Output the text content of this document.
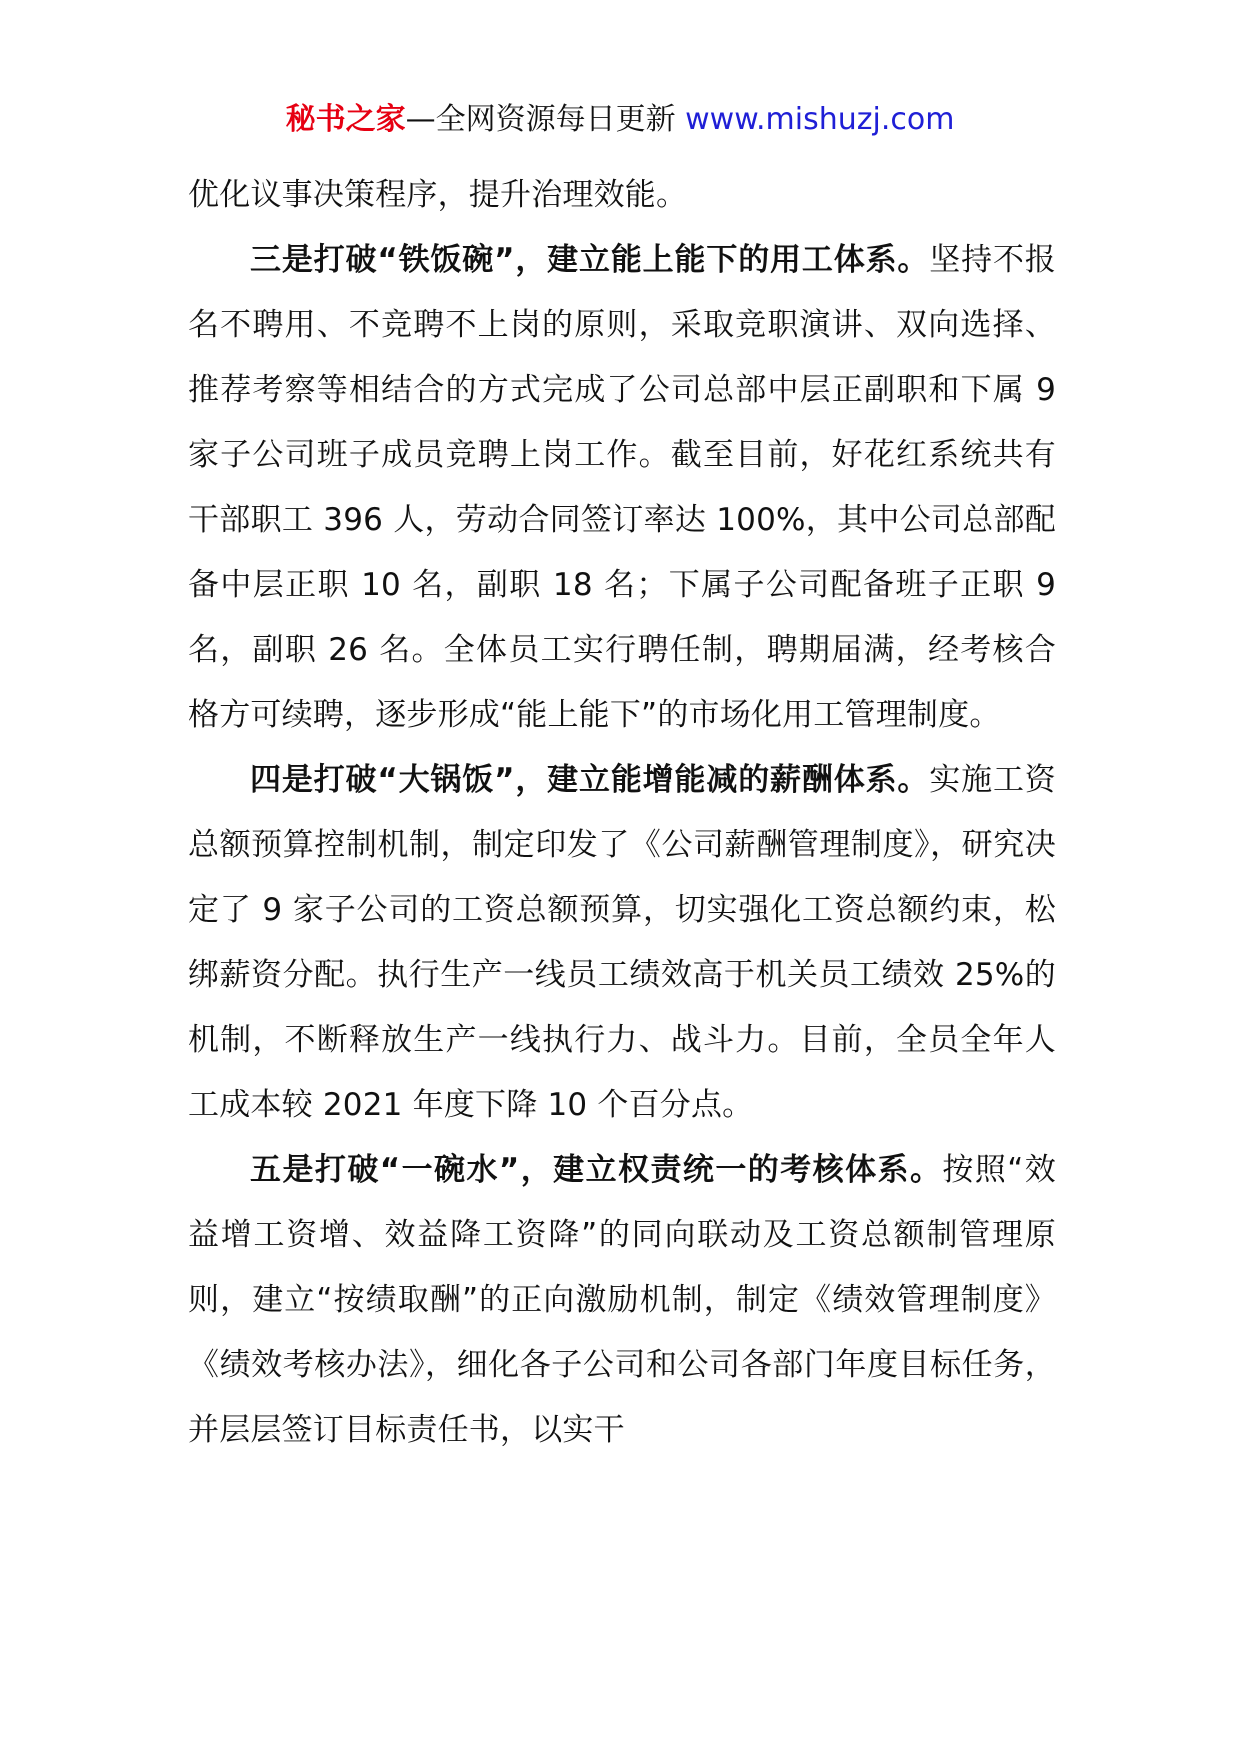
秘书之家—全网资源每日更新 www.mishuzj.com

优化议事决策程序，提升治理效能。

三是打破“铁饭碗”，建立能上能下的用工体系。坚持不报名不聘用、不竞聘不上岗的原则，采取竞职演讲、双向选择、推荐考察等相结合的方式完成了公司总部中层正副职和下属 9 家子公司班子成员竞聘上岗工作。截至目前，好花红系统共有干部职工 396 人，劳动合同签订率达 100%，其中公司总部配备中层正职 10 名，副职 18 名；下属子公司配备班子正职 9 名，副职 26 名。全体员工实行聘任制，聘期届满，经考核合格方可续聘，逐步形成“能上能下”的市场化用工管理制度。

四是打破“大锅饭”，建立能增能减的薪酬体系。实施工资总额预算控制机制，制定印发了《公司薪酬管理制度》，研究决定了 9 家子公司的工资总额预算，切实强化工资总额约束，松绑薪资分配。执行生产一线员工绩效高于机关员工绩效 25%的机制，不断释放生产一线执行力、战斗力。目前，全员全年人工成本较 2021 年度下降 10 个百分点。

五是打破“一碗水”，建立权责统一的考核体系。按照“效益增工资增、效益降工资降”的同向联动及工资总额制管理原则，建立“按绩取酬”的正向激励机制，制定《绩效管理制度》《绩效考核办法》，细化各子公司和公司各部门年度目标任务，并层层签订目标责任书，以实干
